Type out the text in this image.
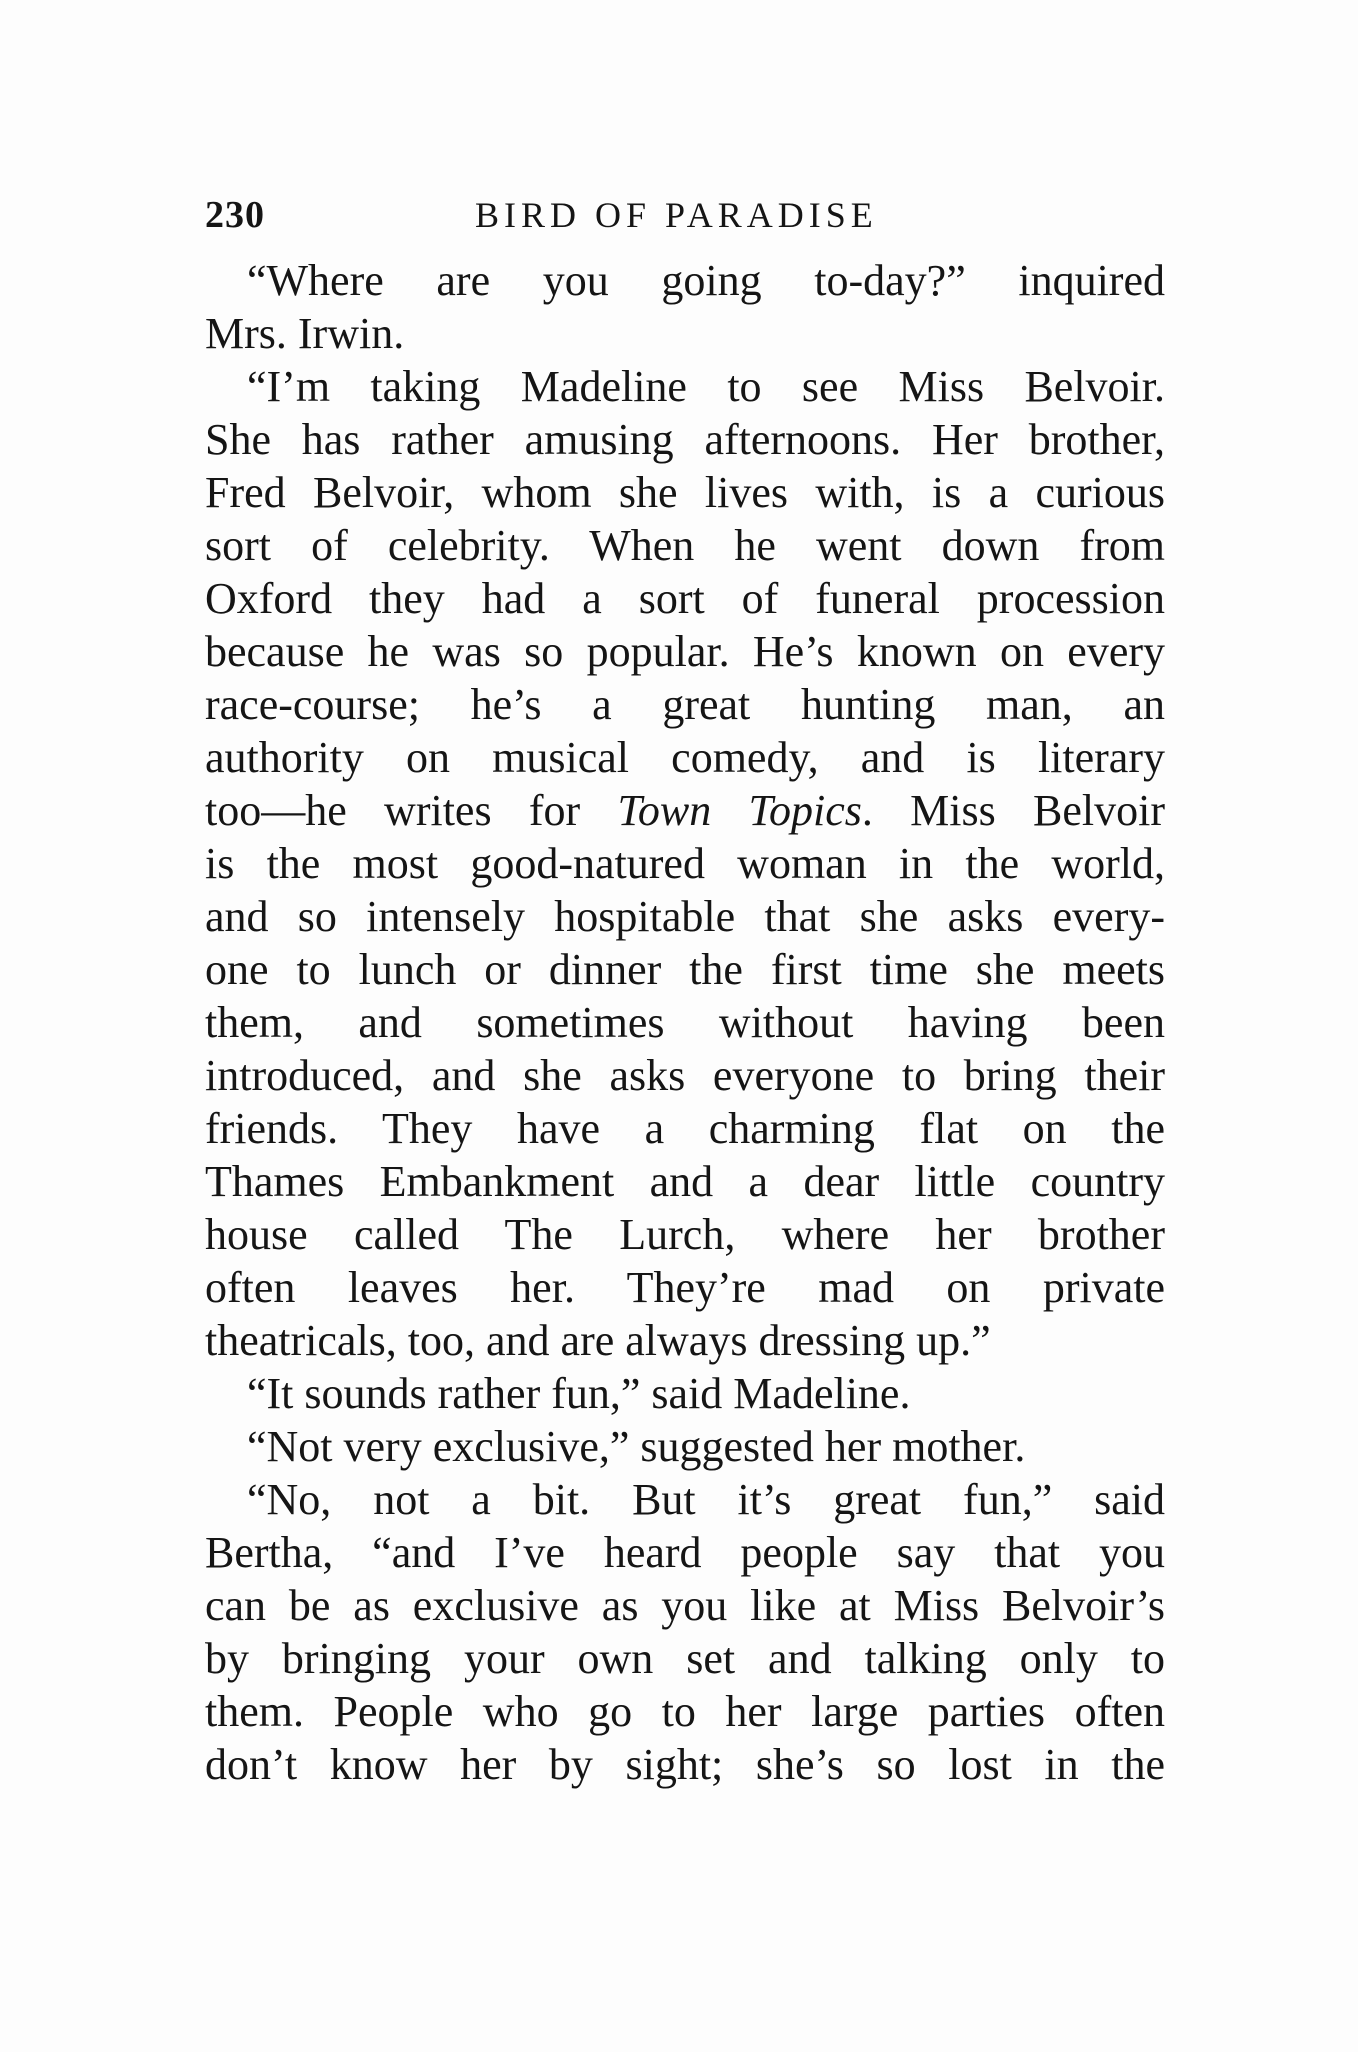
230	BIRD OF PARADISE
“Where are you going to-day?” inquired
Mrs. Irwin.
“I’m taking Madeline to see Miss Belvoir.
She has rather amusing afternoons. Her brother,
Fred Belvoir, whom she lives with, is a curious
sort of celebrity. When he went down from
Oxford they had a sort of funeral procession
because he was so popular. He’s known on every
race-course; he’s a great hunting man, an
authority on musical comedy, and is literary
too—he writes for Town Topics. Miss Belvoir
is the most good-natured woman in the world,
and so intensely hospitable that she asks every-
one to lunch or dinner the first time she meets
them, and sometimes without having been
introduced, and she asks everyone to bring their
friends. They have a charming flat on the
Thames Embankment and a dear little country
house called The Lurch, where her brother
often leaves her. They’re mad on private
theatricals, too, and are always dressing up.”
“It sounds rather fun,” said Madeline.
“Not very exclusive,” suggested her mother.
“No, not a bit. But it’s great fun,” said
Bertha, “and I’ve heard people say that you
can be as exclusive as you like at Miss Belvoir’s
by bringing your own set and talking only to
them. People who go to her large parties often
don’t know her by sight; she’s so lost in the
